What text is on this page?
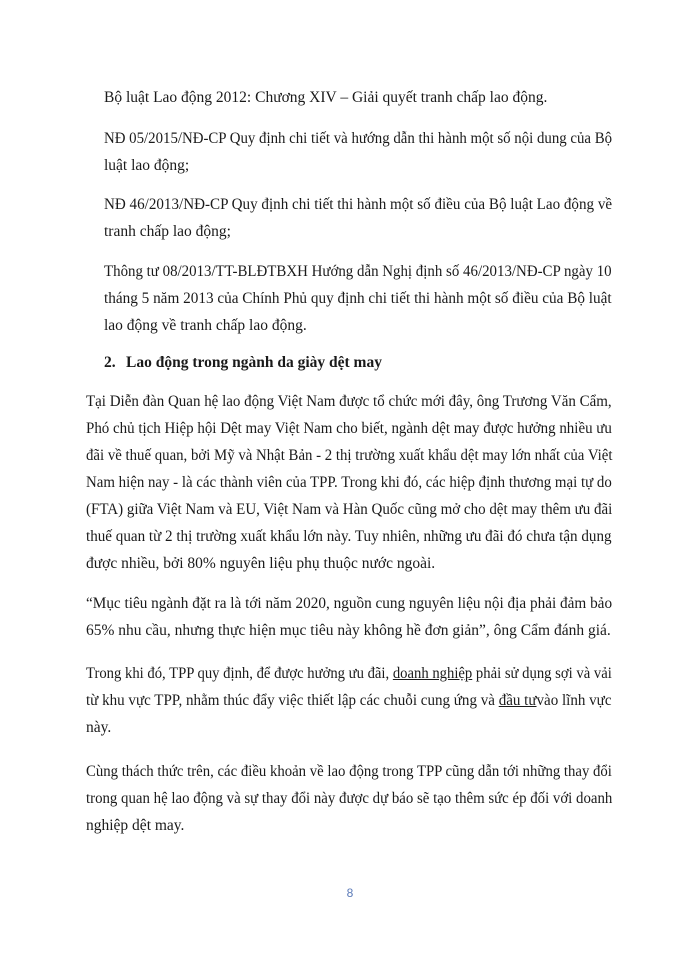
Bộ luật Lao động 2012: Chương XIV – Giải quyết tranh chấp lao động.
NĐ 05/2015/NĐ-CP Quy định chi tiết và hướng dẫn thi hành một số nội dung của Bộ
luật lao động;
NĐ 46/2013/NĐ-CP Quy định chi tiết thi hành một số điều của Bộ luật Lao động về
tranh chấp lao động;
Thông tư 08/2013/TT-BLĐTBXH Hướng dẫn Nghị định số 46/2013/NĐ-CP ngày 10
tháng 5 năm 2013 của Chính Phủ quy định chi tiết thi hành một số điều của Bộ luật
lao động về tranh chấp lao động.
2. Lao động trong ngành da giày dệt may
Tại Diễn đàn Quan hệ lao động Việt Nam được tổ chức mới đây, ông Trương Văn Cẩm,
Phó chủ tịch Hiệp hội Dệt may Việt Nam cho biết, ngành dệt may được hưởng nhiều ưu
đãi về thuế quan, bởi Mỹ và Nhật Bản - 2 thị trường xuất khẩu dệt may lớn nhất của Việt
Nam hiện nay - là các thành viên của TPP. Trong khi đó, các hiệp định thương mại tự do
(FTA) giữa Việt Nam và EU, Việt Nam và Hàn Quốc cũng mở cho dệt may thêm ưu đãi
thuế quan từ 2 thị trường xuất khẩu lớn này. Tuy nhiên, những ưu đãi đó chưa tận dụng
được nhiều, bởi 80% nguyên liệu phụ thuộc nước ngoài.
“Mục tiêu ngành đặt ra là tới năm 2020, nguồn cung nguyên liệu nội địa phải đảm bảo
65% nhu cầu, nhưng thực hiện mục tiêu này không hề đơn giản”, ông Cẩm đánh giá.
Trong khi đó, TPP quy định, để được hưởng ưu đãi, doanh nghiệp phải sử dụng sợi và vải
từ khu vực TPP, nhằm thúc đẩy việc thiết lập các chuỗi cung ứng và đầu tưvào lĩnh vực
này.
Cùng thách thức trên, các điều khoản về lao động trong TPP cũng dẫn tới những thay đổi
trong quan hệ lao động và sự thay đổi này được dự báo sẽ tạo thêm sức ép đối với doanh
nghiệp dệt may.
8
